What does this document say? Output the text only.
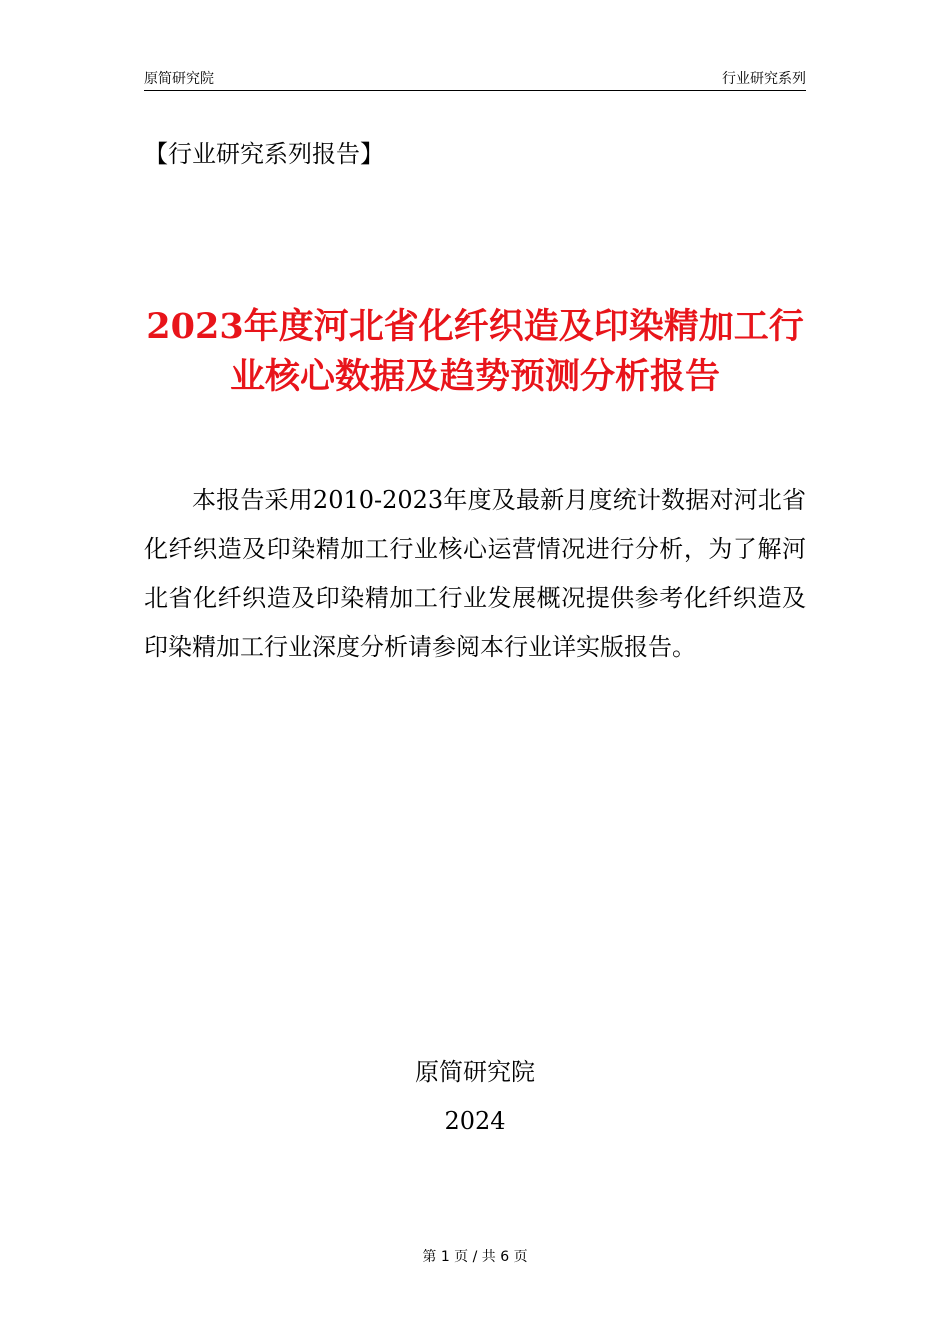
原简研究院	行业研究系列
【行业研究系列报告】
2023年度河北省化纤织造及印染精加工行业核心数据及趋势预测分析报告

本报告采用2010-2023年度及最新月度统计数据对河北省化纤织造及印染精加工行业核心运营情况进行分析，为了解河北省化纤织造及印染精加工行业发展概况提供参考化纤织造及印染精加工行业深度分析请参阅本行业详实版报告。

原简研究院
2024
第 1 页 / 共 6 页
